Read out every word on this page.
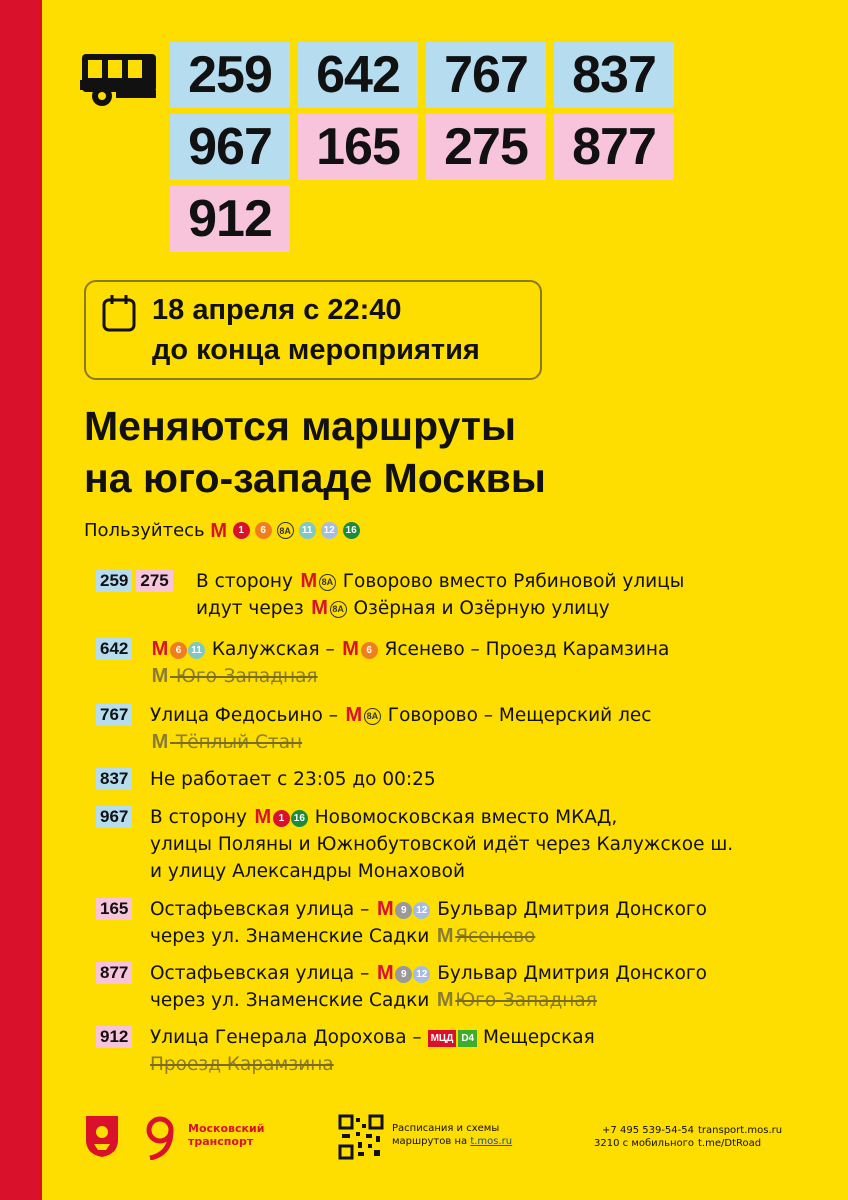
259 642 767 837
967 165 275 877
912
18 апреля с 22:40
до конца мероприятия
Меняются маршруты
на юго-западе Москвы
Пользуйтесь М	1	6	8А	11	12 16
259 275 В сторону М 8А Говорово вместо Рябиновой улицы
идут через М 8А Озёрная и Озёрную улицу
642 М 6 11 Калужская – М 6 Ясенево – Проезд Карамзина
М Юго-Западная
767 Улица Федосьино – М 8А Говорово – Мещерский лес
М Тёплый Стан
837 Не работает с 23:05 до 00:25
967 В сторону М 1 16 Новомосковская вместо МКАД,
улицы Поляны и Южнобутовской идёт через Калужское ш.
и улицу Александры Монаховой
165 Остафьевская улица – М 9 12 Бульвар Дмитрия Донского
через ул. Знаменские Садки МЯсенево
877 Остафьевская улица – М 9 12 Бульвар Дмитрия Донского
через ул. Знаменские Садки МЮго-Западная
912 Улица Генерала Дорохова – МЦД D4 Мещерская
Проезд Карамзина
Московский
транспорт
Расписания и схемы
маршрутов на t.mos.ru
+7 495 539-54-54
3210 с мобильного
transport.mos.ru
t.me/DtRoad
